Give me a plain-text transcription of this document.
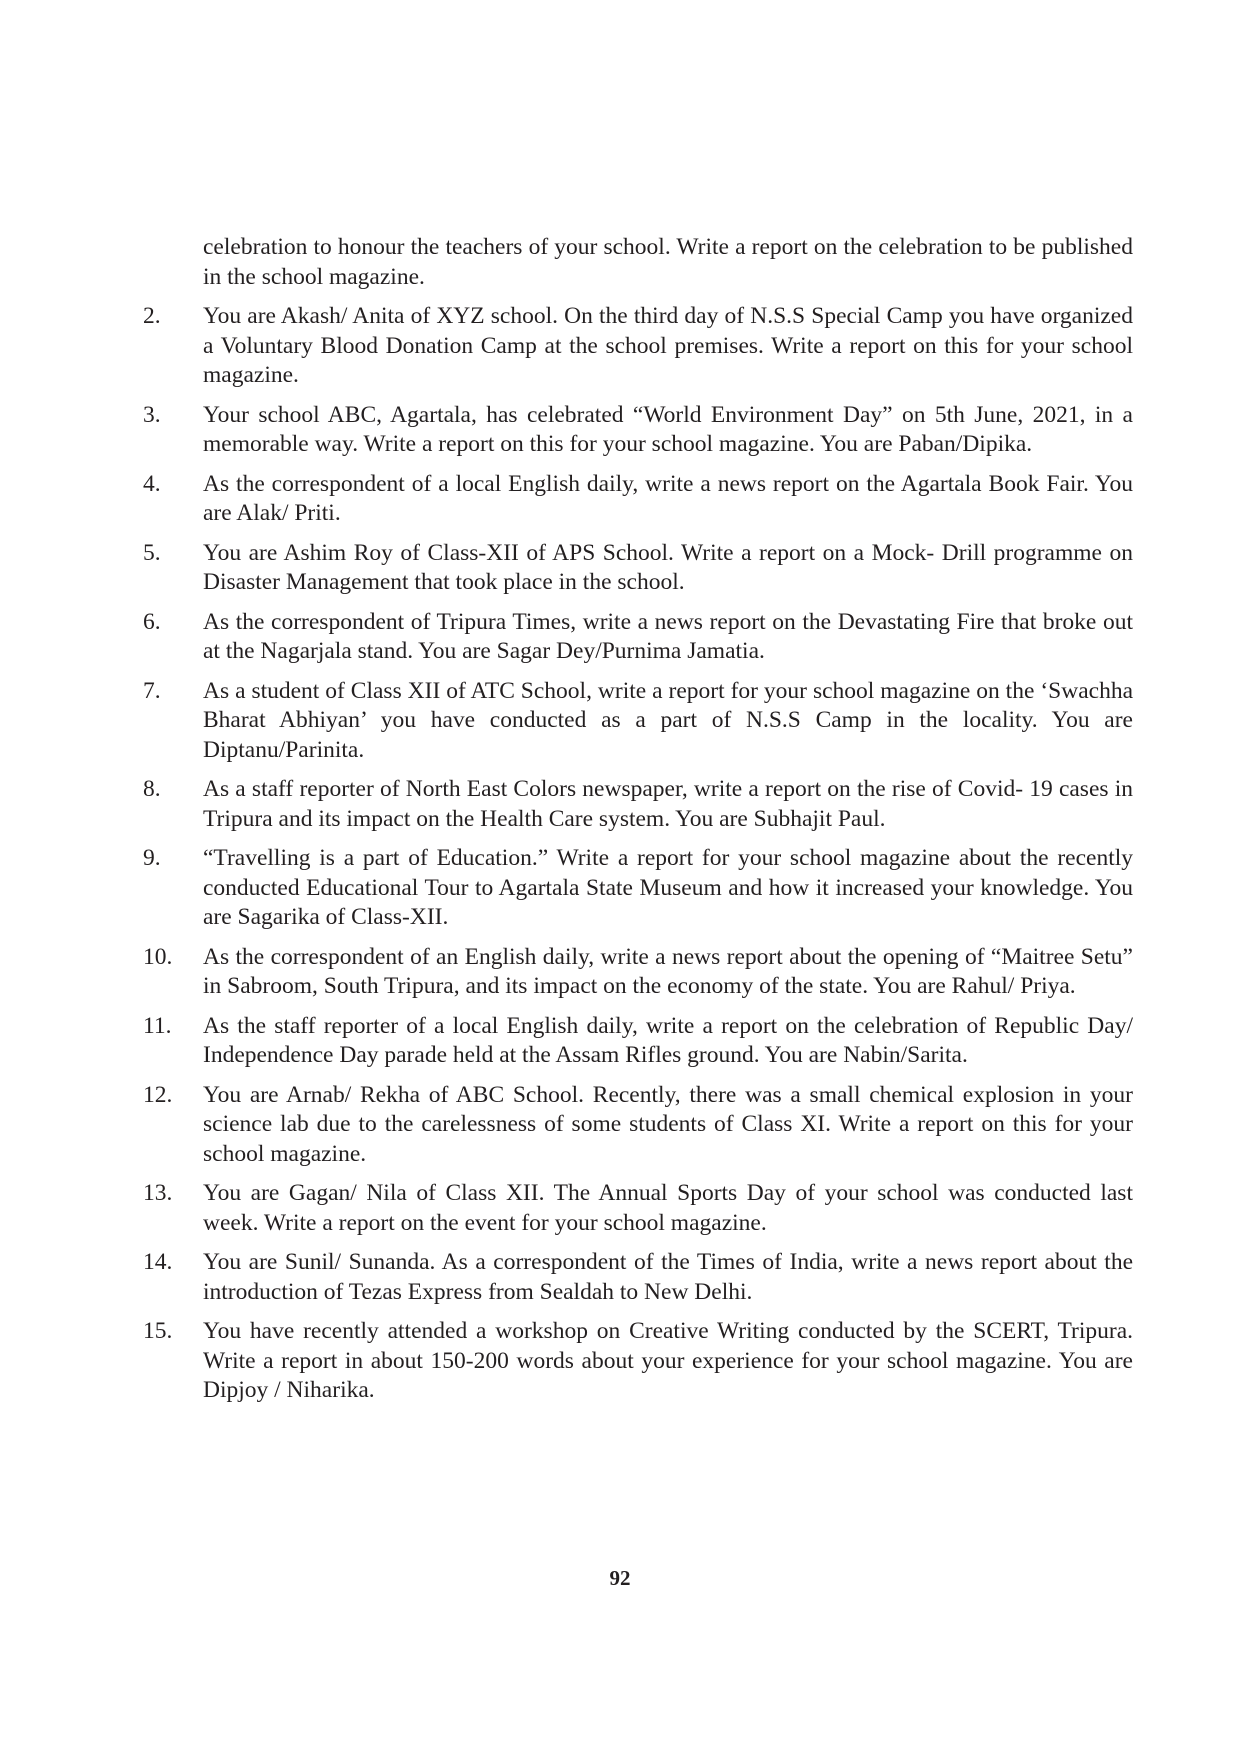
celebration to honour the teachers of your school. Write a report on the celebration to be published in the school magazine.
2.	You are Akash/ Anita of XYZ school. On the third day of N.S.S Special Camp you have organized a Voluntary Blood Donation Camp at the school premises. Write a report on this for your school magazine.
3.	Your school ABC, Agartala, has celebrated “World Environment Day” on 5th June, 2021, in a memorable way. Write a report on this for your school magazine. You are Paban/Dipika.
4.	As the correspondent of a local English daily, write a news report on the Agartala Book Fair. You are Alak/ Priti.
5.	You are Ashim Roy of Class-XII of APS School. Write a report on a Mock- Drill programme on Disaster Management that took place in the school.
6.	As the correspondent of Tripura Times, write a news report on the Devastating Fire that broke out at the Nagarjala stand. You are Sagar Dey/Purnima Jamatia.
7.	As a student of Class XII of ATC School, write a report for your school magazine on the ‘Swachha Bharat Abhiyan’ you have conducted as a part of N.S.S Camp in the locality. You are Diptanu/Parinita.
8.	As a staff reporter of North East Colors newspaper, write a report on the rise of Covid- 19 cases in Tripura and its impact on the Health Care system. You are Subhajit Paul.
9.	“Travelling is a part of Education.” Write a report for your school magazine about the recently conducted Educational Tour to Agartala State Museum and how it increased your knowledge. You are Sagarika of Class-XII.
10.	As the correspondent of an English daily, write a news report about the opening of “Maitree Setu” in Sabroom, South Tripura, and its impact on the economy of the state. You are Rahul/ Priya.
11.	As the staff reporter of a local English daily, write a report on the celebration of Republic Day/ Independence Day parade held at the Assam Rifles ground. You are Nabin/Sarita.
12.	You are Arnab/ Rekha of ABC School. Recently, there was a small chemical explosion in your science lab due to the carelessness of some students of Class XI. Write a report on this for your school magazine.
13.	You are Gagan/ Nila of Class XII. The Annual Sports Day of your school was conducted last week. Write a report on the event for your school magazine.
14.	You are Sunil/ Sunanda. As a correspondent of the Times of India, write a news report about the introduction of Tezas Express from Sealdah to New Delhi.
15.	You have recently attended a workshop on Creative Writing conducted by the SCERT, Tripura. Write a report in about 150-200 words about your experience for your school magazine. You are Dipjoy / Niharika.
92
